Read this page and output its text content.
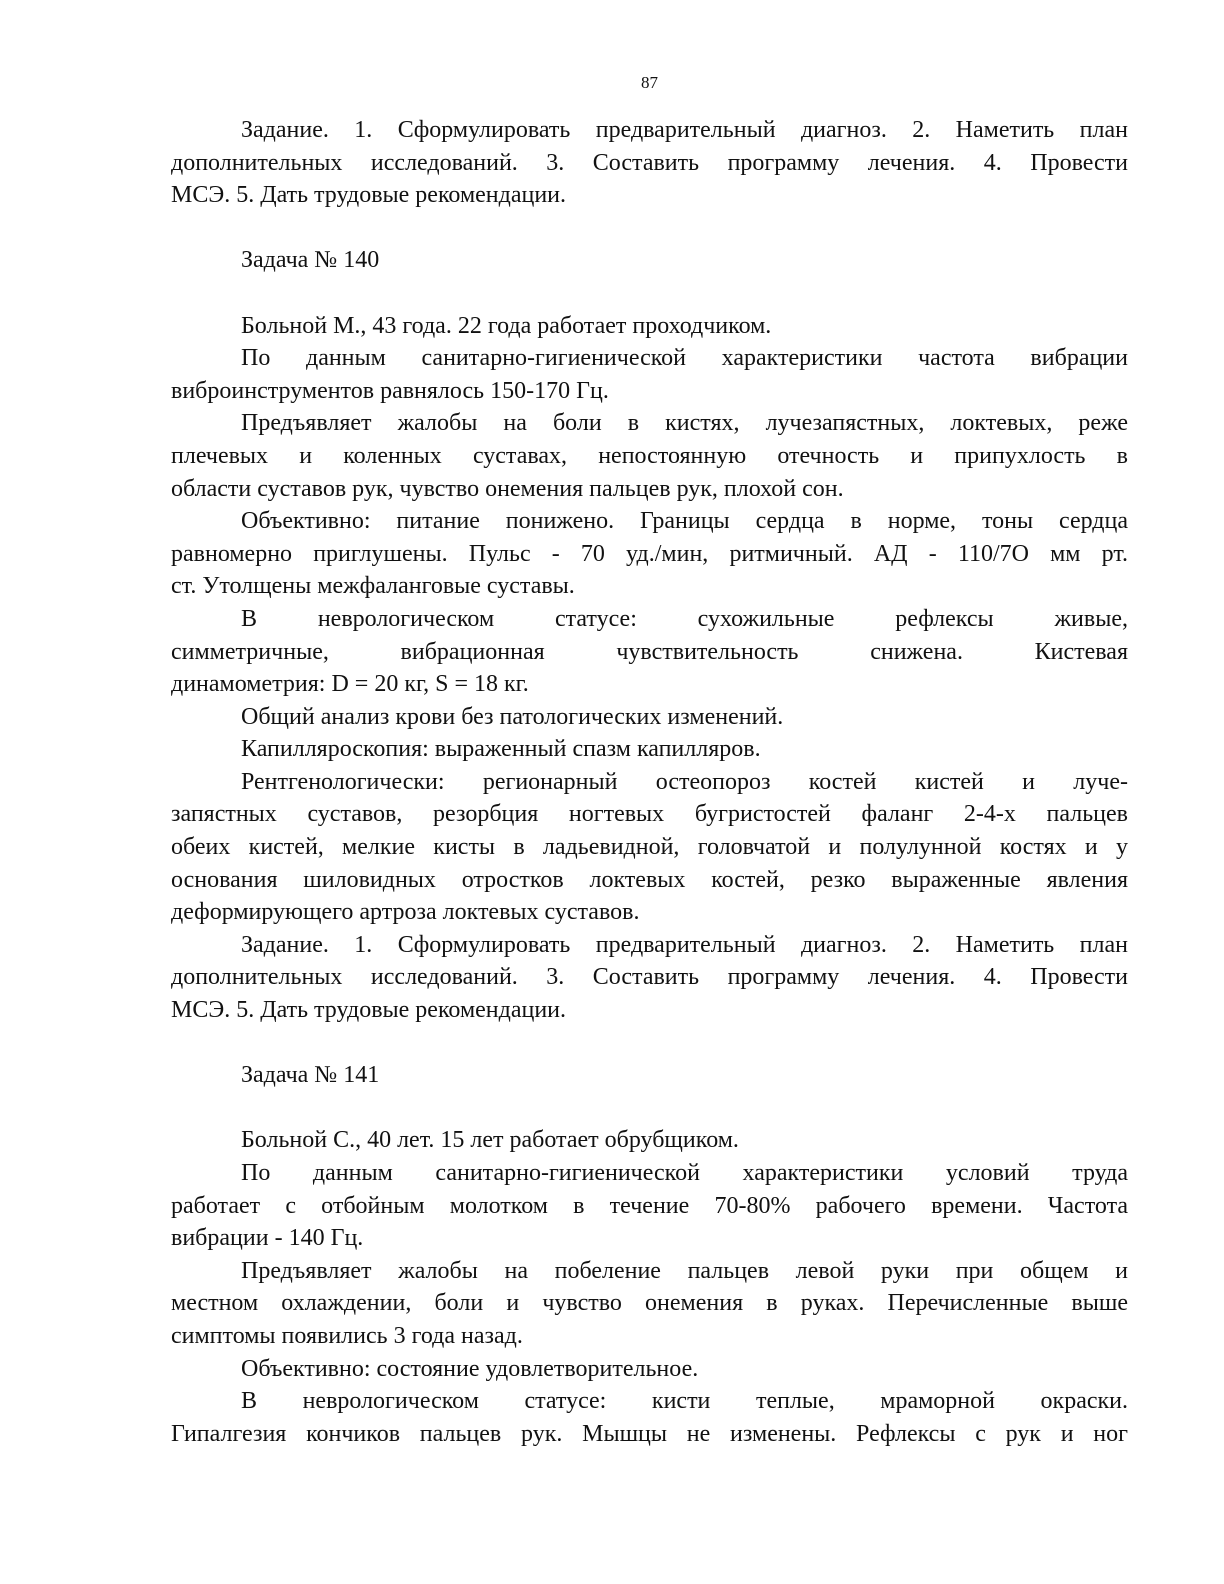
87
Задание. 1. Сформулировать предварительный диагноз. 2. Наметить план
дополнительных исследований. 3. Составить программу лечения. 4. Провести
МСЭ. 5. Дать трудовые рекомендации.
Задача № 140
Больной М., 43 года. 22 года работает проходчиком.
По данным санитарно-гигиенической характеристики частота вибрации
виброинструментов равнялось 150-170 Гц.
Предъявляет жалобы на боли в кистях, лучезапястных, локтевых, реже
плечевых и коленных суставах, непостоянную отечность и припухлость в
области суставов рук, чувство онемения пальцев рук, плохой сон.
Объективно: питание понижено. Границы сердца в норме, тоны сердца
равномерно приглушены. Пульс - 70 уд./мин, ритмичный. АД - 110/7О мм рт.
ст. Утолщены межфаланговые суставы.
В неврологическом статусе: сухожильные рефлексы живые,
симметричные, вибрационная чувствительность снижена. Кистевая
динамометрия: D = 20 кг, S = 18 кг.
Общий анализ крови без патологических изменений.
Капилляроскопия: выраженный спазм капилляров.
Рентгенологически: регионарный остеопороз костей кистей и луче-
запястных суставов, резорбция ногтевых бугристостей фаланг 2-4-х пальцев
обеих кистей, мелкие кисты в ладьевидной, головчатой и полулунной костях и у
основания шиловидных отростков локтевых костей, резко выраженные явления
деформирующего артроза локтевых суставов.
Задание. 1. Сформулировать предварительный диагноз. 2. Наметить план
дополнительных исследований. 3. Составить программу лечения. 4. Провести
МСЭ. 5. Дать трудовые рекомендации.
Задача № 141
Больной С., 40 лет. 15 лет работает обрубщиком.
По данным санитарно-гигиенической характеристики условий труда
работает с отбойным молотком в течение 70-80% рабочего времени. Частота
вибрации - 140 Гц.
Предъявляет жалобы на побеление пальцев левой руки при общем и
местном охлаждении, боли и чувство онемения в руках. Перечисленные выше
симптомы появились 3 года назад.
Объективно: состояние удовлетворительное.
В неврологическом статусе: кисти теплые, мраморной окраски.
Гипалгезия кончиков пальцев рук. Мышцы не изменены. Рефлексы с рук и ног
